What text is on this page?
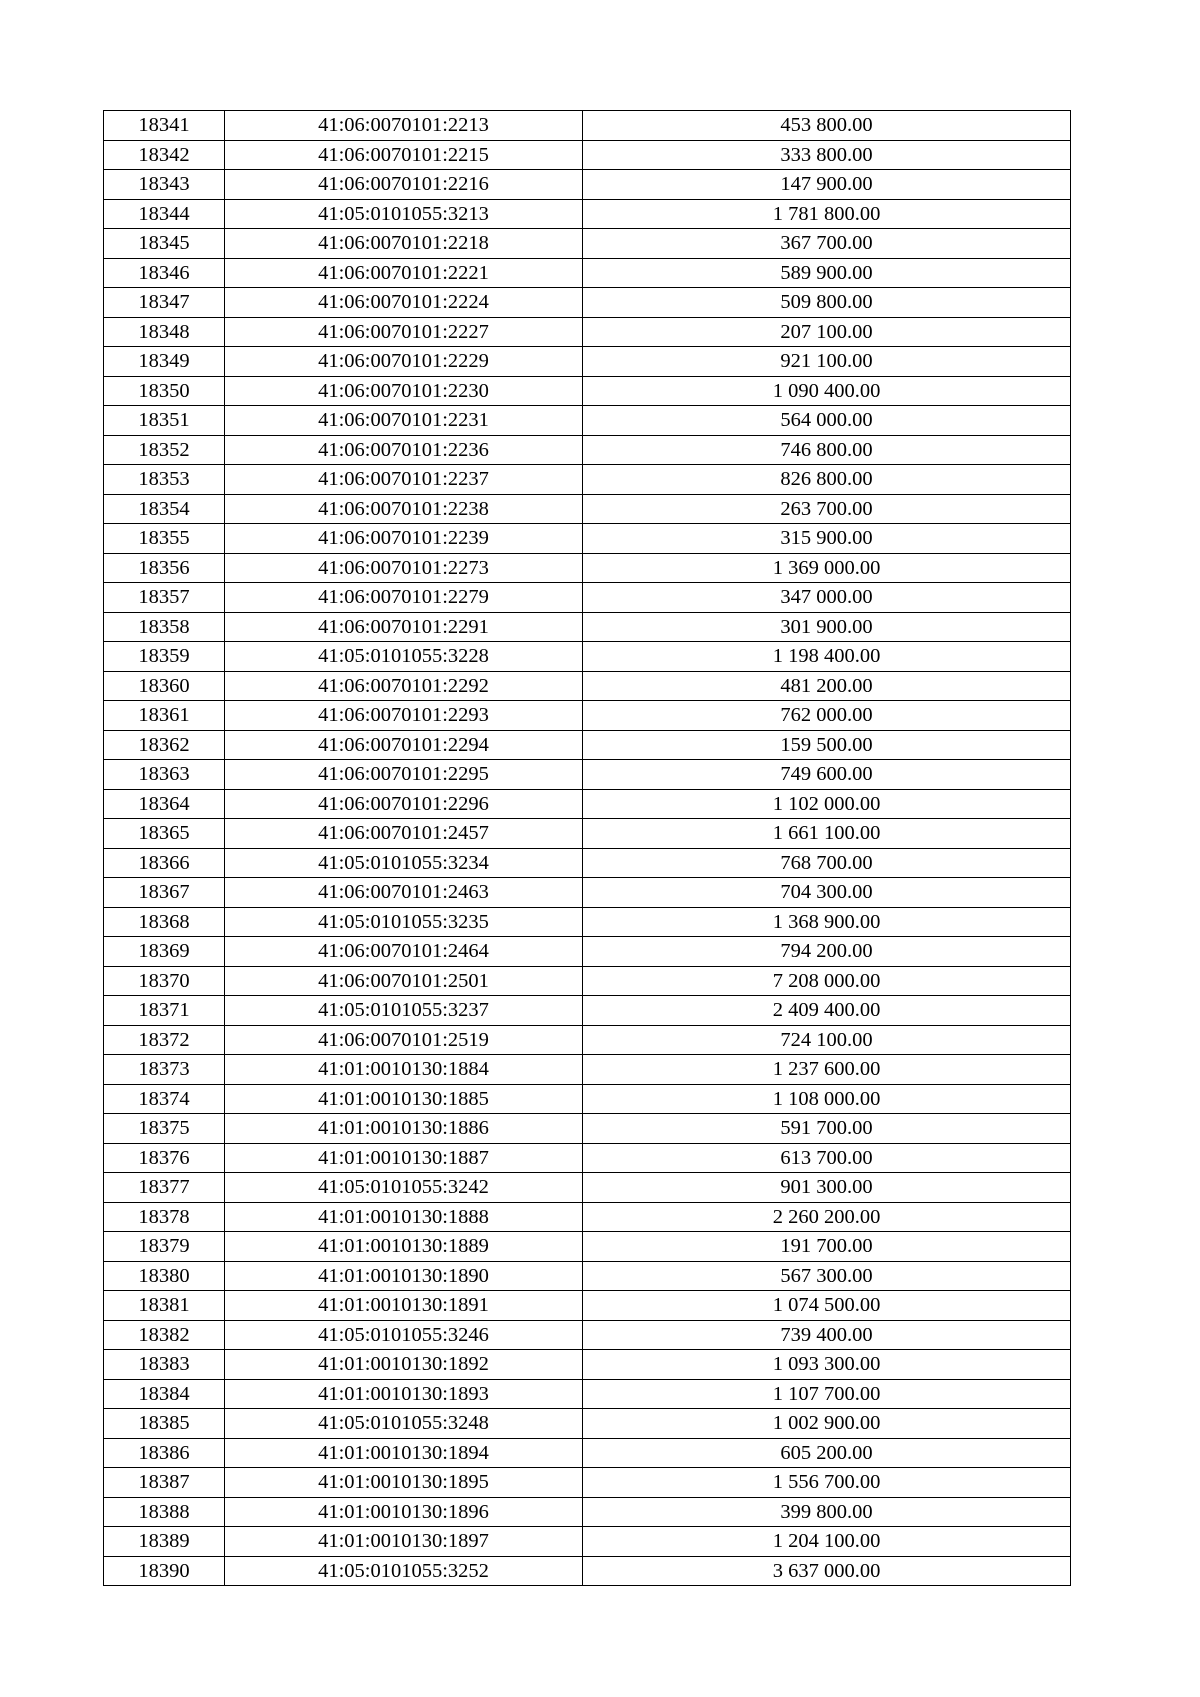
18341	41:06:0070101:2213	453 800.00
18342	41:06:0070101:2215	333 800.00
18343	41:06:0070101:2216	147 900.00
18344	41:05:0101055:3213	1 781 800.00
18345	41:06:0070101:2218	367 700.00
18346	41:06:0070101:2221	589 900.00
18347	41:06:0070101:2224	509 800.00
18348	41:06:0070101:2227	207 100.00
18349	41:06:0070101:2229	921 100.00
18350	41:06:0070101:2230	1 090 400.00
18351	41:06:0070101:2231	564 000.00
18352	41:06:0070101:2236	746 800.00
18353	41:06:0070101:2237	826 800.00
18354	41:06:0070101:2238	263 700.00
18355	41:06:0070101:2239	315 900.00
18356	41:06:0070101:2273	1 369 000.00
18357	41:06:0070101:2279	347 000.00
18358	41:06:0070101:2291	301 900.00
18359	41:05:0101055:3228	1 198 400.00
18360	41:06:0070101:2292	481 200.00
18361	41:06:0070101:2293	762 000.00
18362	41:06:0070101:2294	159 500.00
18363	41:06:0070101:2295	749 600.00
18364	41:06:0070101:2296	1 102 000.00
18365	41:06:0070101:2457	1 661 100.00
18366	41:05:0101055:3234	768 700.00
18367	41:06:0070101:2463	704 300.00
18368	41:05:0101055:3235	1 368 900.00
18369	41:06:0070101:2464	794 200.00
18370	41:06:0070101:2501	7 208 000.00
18371	41:05:0101055:3237	2 409 400.00
18372	41:06:0070101:2519	724 100.00
18373	41:01:0010130:1884	1 237 600.00
18374	41:01:0010130:1885	1 108 000.00
18375	41:01:0010130:1886	591 700.00
18376	41:01:0010130:1887	613 700.00
18377	41:05:0101055:3242	901 300.00
18378	41:01:0010130:1888	2 260 200.00
18379	41:01:0010130:1889	191 700.00
18380	41:01:0010130:1890	567 300.00
18381	41:01:0010130:1891	1 074 500.00
18382	41:05:0101055:3246	739 400.00
18383	41:01:0010130:1892	1 093 300.00
18384	41:01:0010130:1893	1 107 700.00
18385	41:05:0101055:3248	1 002 900.00
18386	41:01:0010130:1894	605 200.00
18387	41:01:0010130:1895	1 556 700.00
18388	41:01:0010130:1896	399 800.00
18389	41:01:0010130:1897	1 204 100.00
18390	41:05:0101055:3252	3 637 000.00
